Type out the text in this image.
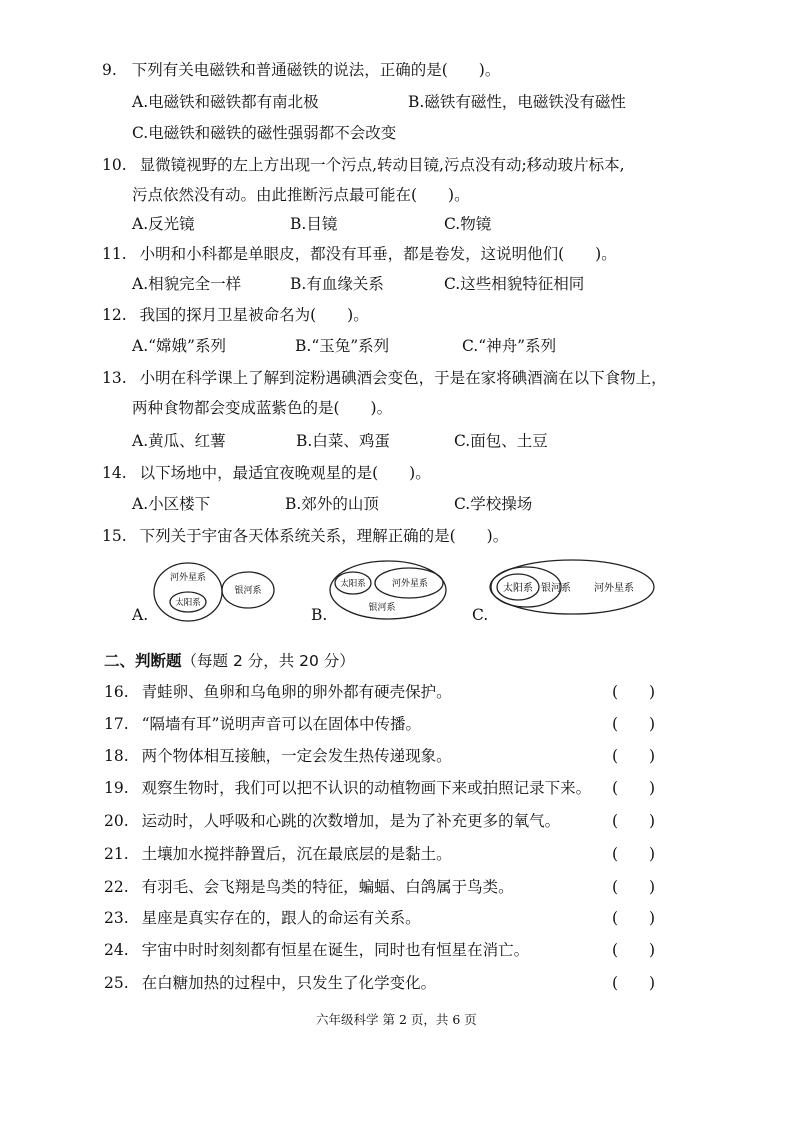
9. 下列有关电磁铁和普通磁铁的说法，正确的是(　　)。
A.电磁铁和磁铁都有南北极	B.磁铁有磁性，电磁铁没有磁性
C.电磁铁和磁铁的磁性强弱都不会改变
10. 显微镜视野的左上方出现一个污点,转动目镜,污点没有动;移动玻片标本,
污点依然没有动。由此推断污点最可能在(　　)。
A.反光镜	B.目镜	C.物镜
11. 小明和小科都是单眼皮，都没有耳垂，都是卷发，这说明他们(　　)。
A.相貌完全一样	B.有血缘关系	C.这些相貌特征相同
12. 我国的探月卫星被命名为(　　)。
A.“嫦娥”系列	B.“玉兔”系列	C.“神舟”系列
13. 小明在科学课上了解到淀粉遇碘酒会变色，于是在家将碘酒滴在以下食物上，
两种食物都会变成蓝紫色的是(　　)。
A.黄瓜、红薯	B.白菜、鸡蛋	C.面包、土豆
14. 以下场地中，最适宜夜晚观星的是(　　)。
A.小区楼下	B.郊外的山顶	C.学校操场
15. 下列关于宇宙各天体系统关系，理解正确的是(　　)。
A.
河外星系
太阳系
银河系
B.
太阳系	河外星系
银河系	C.
太阳系 银河系 河外星系
二、判断题（每题 2 分，共 20 分）
16. 青蛙卵、鱼卵和乌龟卵的卵外都有硬壳保护。	(　　)
17. “隔墙有耳”说明声音可以在固体中传播。	(　　)
18. 两个物体相互接触，一定会发生热传递现象。	(　　)
19. 观察生物时，我们可以把不认识的动植物画下来或拍照记录下来。 (　　)
20. 运动时，人呼吸和心跳的次数增加，是为了补充更多的氧气。	(　　)
21. 土壤加水搅拌静置后，沉在最底层的是黏土。	(　　)
22. 有羽毛、会飞翔是鸟类的特征，蝙蝠、白鸽属于鸟类。	(　　)
23. 星座是真实存在的，跟人的命运有关系。	(　　)
24. 宇宙中时时刻刻都有恒星在诞生，同时也有恒星在消亡。	(　　)
25. 在白糖加热的过程中，只发生了化学变化。	(　　)
六年级科学 第 2 页，共 6 页
